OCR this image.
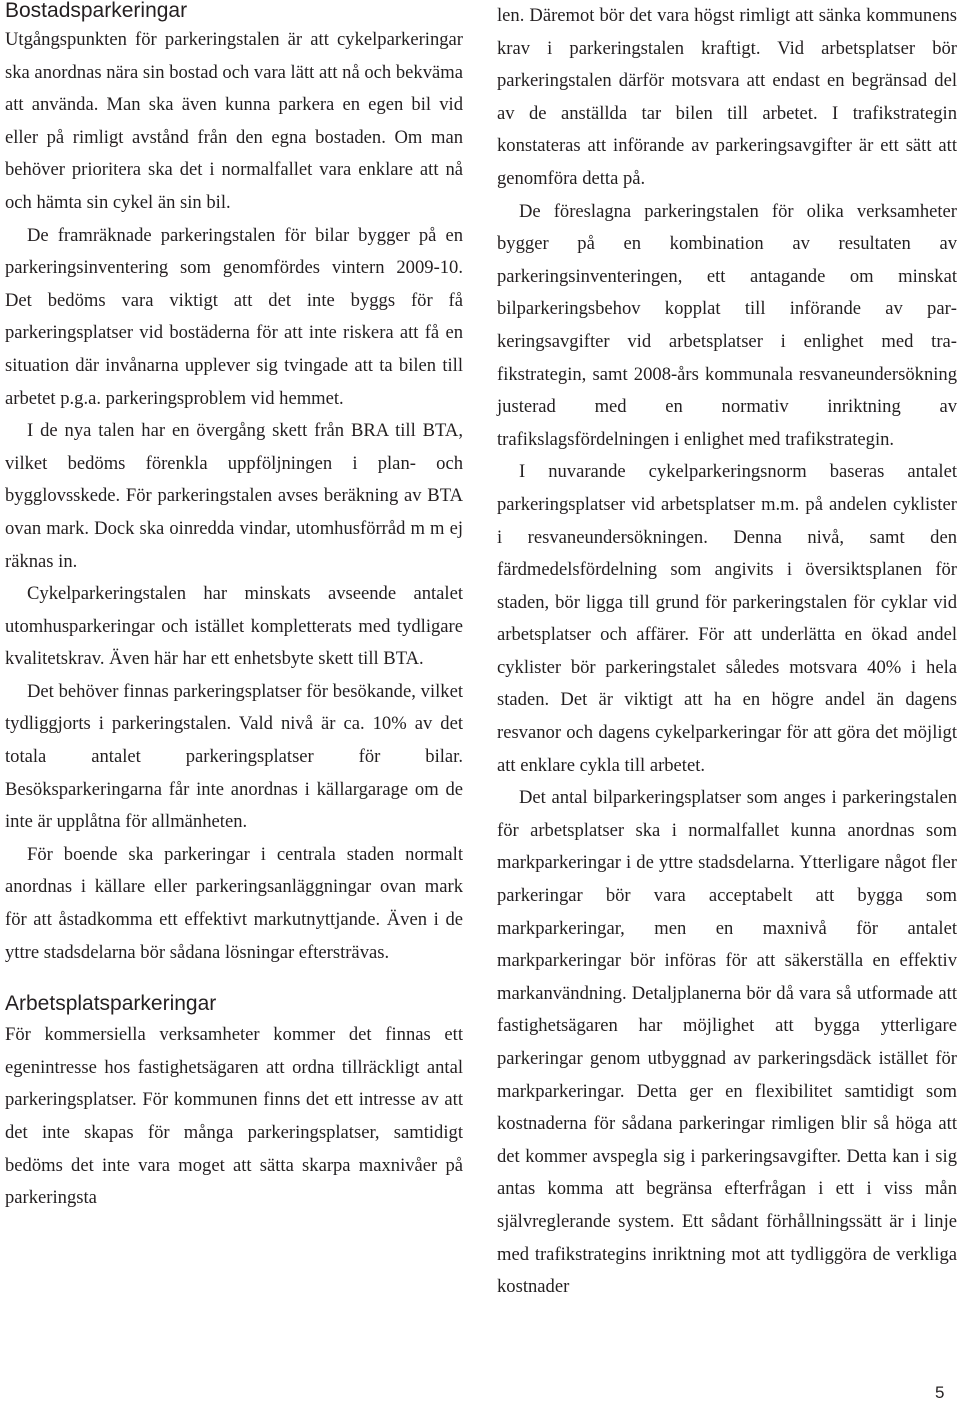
Bostadsparkeringar

Utgångspunkten för parkeringstalen är att cykelparkeringar ska anordnas nära sin bostad och vara lätt att nå och bekväma att använda. Man ska även kunna parkera en egen bil vid eller på rimligt avstånd från den egna bostaden. Om man behöver prioritera ska det i normalfallet vara enklare att nå och hämta sin cykel än sin bil.

De framräknade parkeringstalen för bilar bygger på en parkeringsinventering som genomfördes vintern 2009-10. Det bedöms vara viktigt att det inte byggs för få parkeringsplatser vid bostäderna för att inte riskera att få en situation där invånarna upplever sig tvingade att ta bilen till arbetet p.g.a. parkeringsproblem vid hemmet.

I de nya talen har en övergång skett från BRA till BTA, vilket bedöms förenkla uppföljningen i plan- och bygglovsskede. För parkeringstalen avses beräkning av BTA ovan mark. Dock ska oinredda vindar, utomhusförråd m m ej räknas in.

Cykelparkeringstalen har minskats avseende antalet utomhusparkeringar och istället kompletterats med tydligare kvalitetskrav. Även här har ett enhetsbyte skett till BTA.

Det behöver finnas parkeringsplatser för besökande, vilket tydliggjorts i parkeringstalen. Vald nivå är ca. 10% av det totala antalet parkeringsplatser för bilar. Besöksparkeringarna får inte anordnas i källargarage om de inte är upplåtna för allmänheten.

För boende ska parkeringar i centrala staden normalt anordnas i källare eller parkeringsanläggningar ovan mark för att åstadkomma ett effektivt markutnyttjande. Även i de yttre stadsdelarna bör sådana lösningar eftersträvas.

Arbetsplatsparkeringar

För kommersiella verksamheter kommer det finnas ett egenintresse hos fastighetsägaren att ordna tillräckligt antal parkeringsplatser. För kommunen finns det ett intresse av att det inte skapas för många parkeringsplatser, samtidigt bedöms det inte vara moget att sätta skarpa maxnivåer på parkeringsta

len. Däremot bör det vara högst rimligt att sänka kommunens krav i parkeringstalen kraftigt. Vid arbetsplatser bör parkeringstalen därför motsvara att endast en begränsad del av de anställda tar bilen till arbetet. I trafikstrategin konstateras att införande av parkeringsavgifter är ett sätt att genomföra detta på.

De föreslagna parkeringstalen för olika verksamheter bygger på en kombination av resultaten av parkeringsinventeringen, ett antagande om minskat bilparkeringsbehov kopplat till införande av parkeringsavgifter vid arbetsplatser i enlighet med trafikstrategin, samt 2008-års kommunala resvaneundersökning justerad med en normativ inriktning av trafikslagsfördelningen i enlighet med trafikstrategin.

I nuvarande cykelparkeringsnorm baseras antalet parkeringsplatser vid arbetsplatser m.m. på andelen cyklister i resvaneundersökningen. Denna nivå, samt den färdmedelsfördelning som angivits i översiktsplanen för staden, bör ligga till grund för parkeringstalen för cyklar vid arbetsplatser och affärer. För att underlätta en ökad andel cyklister bör parkeringstalet således motsvara 40% i hela staden. Det är viktigt att ha en högre andel än dagens resvanor och dagens cykelparkeringar för att göra det möjligt att enklare cykla till arbetet.

Det antal bilparkeringsplatser som anges i parkeringstalen för arbetsplatser ska i normalfallet kunna anordnas som markparkeringar i de yttre stadsdelarna. Ytterligare något fler parkeringar bör vara acceptabelt att bygga som markparkeringar, men en maxnivå för antalet markparkeringar bör införas för att säkerställa en effektiv markanvändning. Detaljplanerna bör då vara så utformade att fastighetsägaren har möjlighet att bygga ytterligare parkeringar genom utbyggnad av parkeringsdäck istället för markparkeringar. Detta ger en flexibilitet samtidigt som kostnaderna för sådana parkeringar rimligen blir så höga att det kommer avspegla sig i parkeringsavgifter. Detta kan i sig antas komma att begränsa efterfrågan i ett i viss mån självreglerande system. Ett sådant förhållningssätt är i linje med trafikstrategins inriktning mot att tydliggöra de verkliga kostnader

5
